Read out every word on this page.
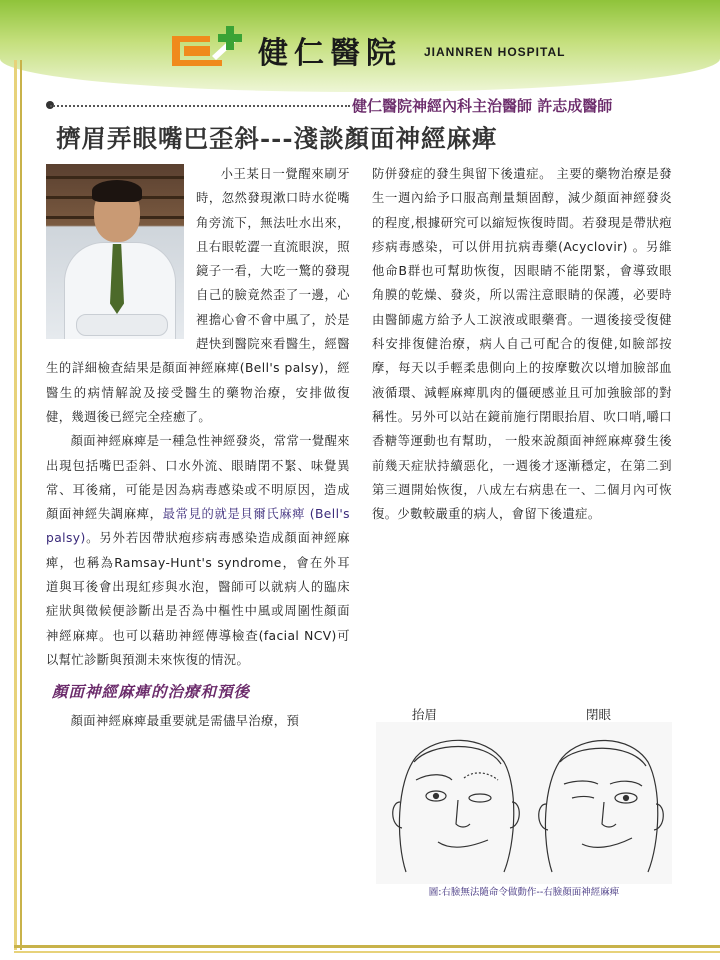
健仁醫院 JIANNREN HOSPITAL
健仁醫院神經內科主治醫師 許志成醫師
擠眉弄眼嘴巴歪斜---淺談顏面神經麻痺

小王某日一覺醒來刷牙時，忽然發現漱口時水從嘴角旁流下，無法吐水出來，且右眼乾澀一直流眼淚，照鏡子一看，大吃一驚的發現自己的臉竟然歪了一邊，心裡擔心會不會中風了，於是趕快到醫院來看醫生，經醫生的詳細檢查結果是顏面神經麻痺(Bell's palsy)，經醫生的病情解說及接受醫生的藥物治療，安排做復健，幾週後已經完全痊癒了。

顏面神經麻痺是一種急性神經發炎，常常一覺醒來出現包括嘴巴歪斜、口水外流、眼睛閉不緊、味覺異常、耳後痛，可能是因為病毒感染或不明原因，造成顏面神經失調麻痺，最常見的就是貝爾氏麻痺 (Bell's palsy)。另外若因帶狀疱疹病毒感染造成顏面神經麻痺，也稱為Ramsay-Hunt's syndrome，會在外耳道與耳後會出現紅疹與水泡，醫師可以就病人的臨床症狀與徵候便診斷出是否為中樞性中風或周圍性顏面神經麻痺。也可以藉助神經傳導檢查(facial NCV)可以幫忙診斷與預測未來恢復的情況。

顏面神經麻痺的治療和預後

顏面神經麻痺最重要就是需儘早治療，預

防併發症的發生與留下後遺症。 主要的藥物治療是發生一週內給予口服高劑量類固醇，減少顏面神經發炎的程度,根據研究可以縮短恢復時間。若發現是帶狀疱疹病毒感染，可以併用抗病毒藥(Acyclovir) 。另維他命B群也可幫助恢復，因眼睛不能閉緊，會導致眼角膜的乾燥、發炎，所以需注意眼睛的保護，必要時由醫師處方給予人工淚液或眼藥膏。一週後接受復健科安排復健治療，病人自己可配合的復健,如臉部按摩，每天以手輕柔患側向上的按摩數次以增加臉部血液循環、減輕麻痺肌肉的僵硬感並且可加強臉部的對稱性。另外可以站在鏡前施行閉眼抬眉、吹口哨,嚼口香糖等運動也有幫助， 一般來說顏面神經麻痺發生後前幾天症狀持續惡化，一週後才逐漸穩定，在第二到第三週開始恢復，八成左右病患在一、二個月內可恢復。少數較嚴重的病人，會留下後遺症。

抬眉	閉眼
圖:右臉無法隨命令做動作--右臉顏面神經麻痺
